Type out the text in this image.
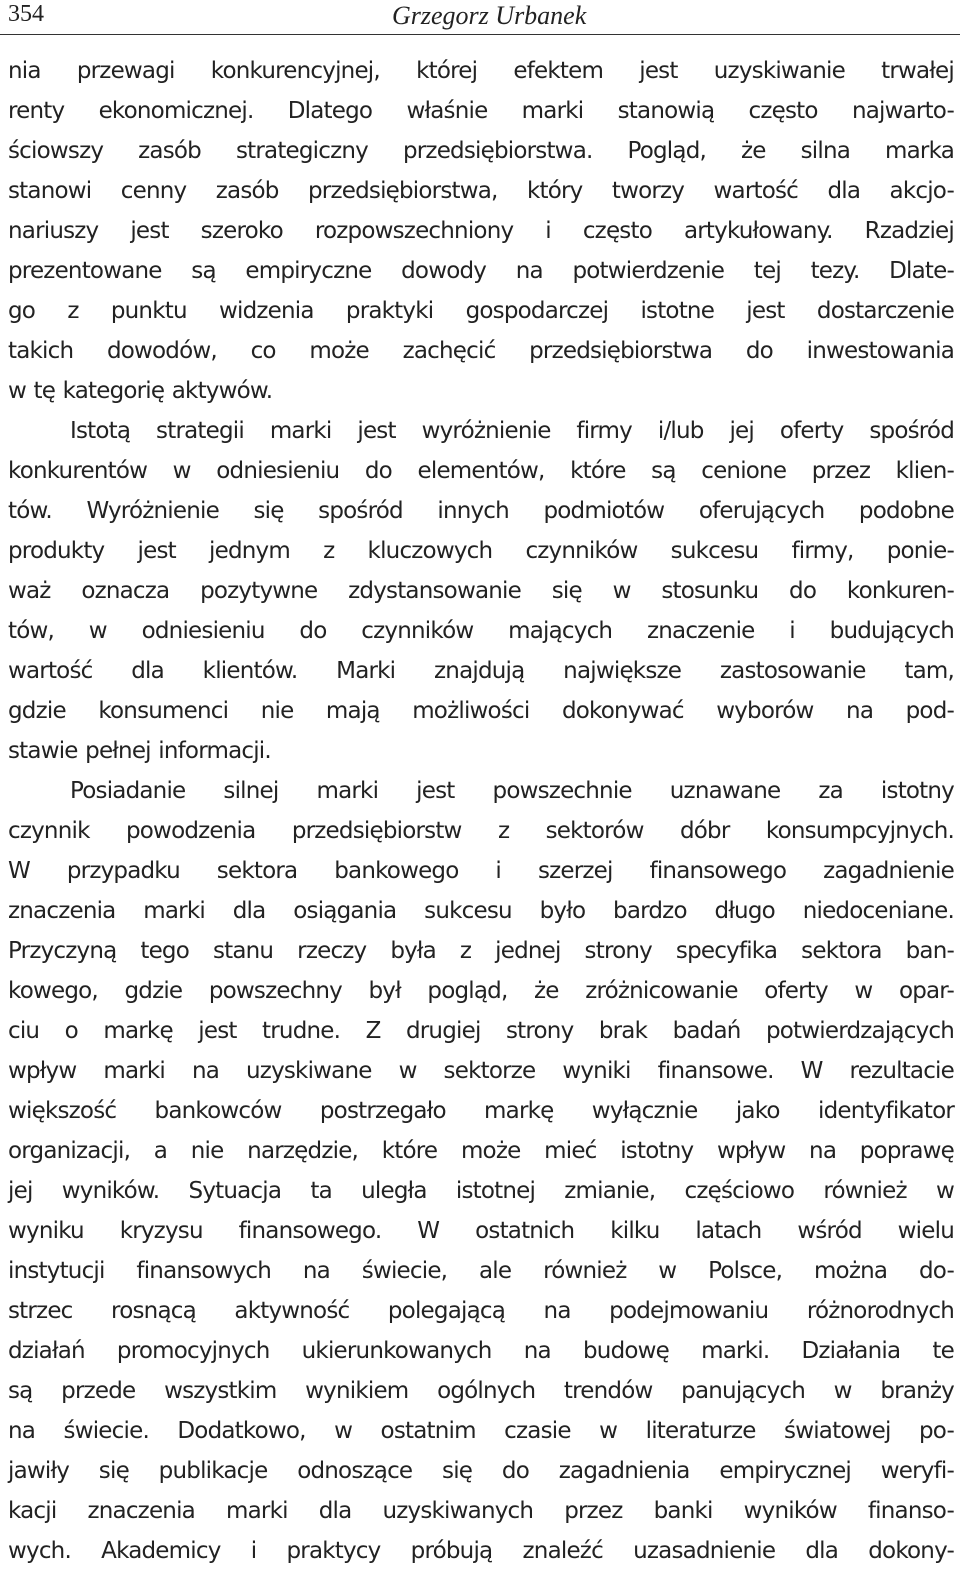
354	Grzegorz Urbanek
nia przewagi konkurencyjnej, której efektem jest uzyskiwanie trwałej
renty ekonomicznej. Dlatego właśnie marki stanowią często najwarto-
ściowszy zasób strategiczny przedsiębiorstwa. Pogląd, że silna marka
stanowi cenny zasób przedsiębiorstwa, który tworzy wartość dla akcjo-
nariuszy jest szeroko rozpowszechniony i często artykułowany. Rzadziej
prezentowane są empiryczne dowody na potwierdzenie tej tezy. Dlate-
go z punktu widzenia praktyki gospodarczej istotne jest dostarczenie
takich dowodów, co może zachęcić przedsiębiorstwa do inwestowania
w tę kategorię aktywów.
Istotą strategii marki jest wyróżnienie firmy i/lub jej oferty spośród
konkurentów w odniesieniu do elementów, które są cenione przez klien-
tów. Wyróżnienie się spośród innych podmiotów oferujących podobne
produkty jest jednym z kluczowych czynników sukcesu firmy, ponie-
waż oznacza pozytywne zdystansowanie się w stosunku do konkuren-
tów, w odniesieniu do czynników mających znaczenie i budujących
wartość dla klientów. Marki znajdują największe zastosowanie tam,
gdzie konsumenci nie mają możliwości dokonywać wyborów na pod-
stawie pełnej informacji.
Posiadanie silnej marki jest powszechnie uznawane za istotny
czynnik powodzenia przedsiębiorstw z sektorów dóbr konsumpcyjnych.
W przypadku sektora bankowego i szerzej finansowego zagadnienie
znaczenia marki dla osiągania sukcesu było bardzo długo niedoceniane.
Przyczyną tego stanu rzeczy była z jednej strony specyfika sektora ban-
kowego, gdzie powszechny był pogląd, że zróżnicowanie oferty w opar-
ciu o markę jest trudne. Z drugiej strony brak badań potwierdzających
wpływ marki na uzyskiwane w sektorze wyniki finansowe. W rezultacie
większość bankowców postrzegało markę wyłącznie jako identyfikator
organizacji, a nie narzędzie, które może mieć istotny wpływ na poprawę
jej wyników. Sytuacja ta uległa istotnej zmianie, częściowo również w
wyniku kryzysu finansowego. W ostatnich kilku latach wśród wielu
instytucji finansowych na świecie, ale również w Polsce, można do-
strzec rosnącą aktywność polegającą na podejmowaniu różnorodnych
działań promocyjnych ukierunkowanych na budowę marki. Działania te
są przede wszystkim wynikiem ogólnych trendów panujących w branży
na świecie. Dodatkowo, w ostatnim czasie w literaturze światowej po-
jawiły się publikacje odnoszące się do zagadnienia empirycznej weryfi-
kacji znaczenia marki dla uzyskiwanych przez banki wyników finanso-
wych. Akademicy i praktycy próbują znaleźć uzasadnienie dla dokony-
